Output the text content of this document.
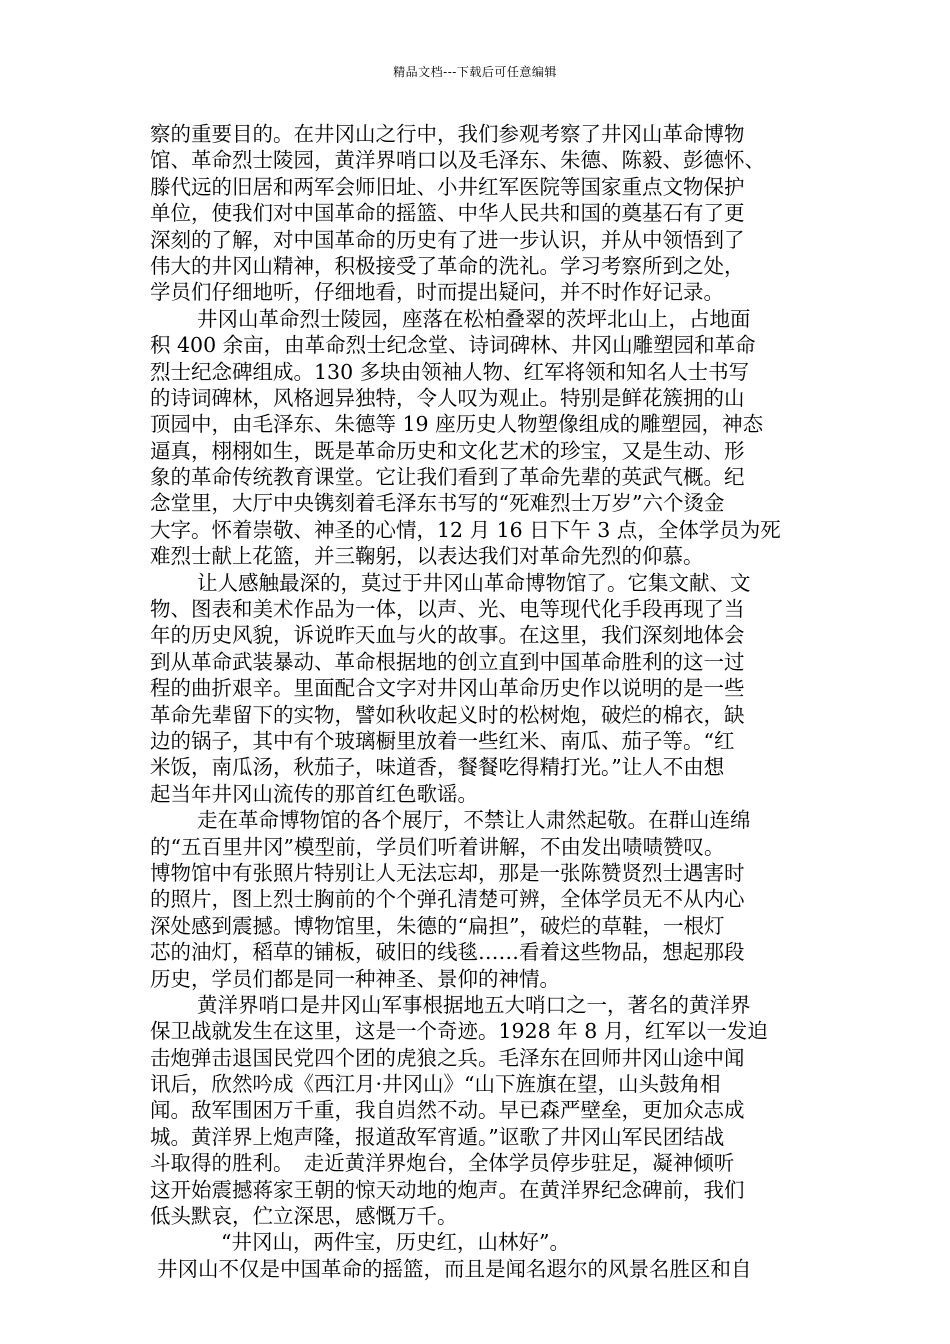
精品文档---下载后可任意编辑
察的重要目的。在井冈山之行中，我们参观考察了井冈山革命博物
馆、革命烈士陵园，黄洋界哨口以及毛泽东、朱德、陈毅、彭德怀、
滕代远的旧居和两军会师旧址、小井红军医院等国家重点文物保护
单位，使我们对中国革命的摇篮、中华人民共和国的奠基石有了更
深刻的了解，对中国革命的历史有了进一步认识，并从中领悟到了
伟大的井冈山精神，积极接受了革命的洗礼。学习考察所到之处，
学员们仔细地听，仔细地看，时而提出疑问，并不时作好记录。
井冈山革命烈士陵园，座落在松柏叠翠的茨坪北山上，占地面
积 400 余亩，由革命烈士纪念堂、诗词碑林、井冈山雕塑园和革命
烈士纪念碑组成。130 多块由领袖人物、红军将领和知名人士书写
的诗词碑林，风格迥异独特，令人叹为观止。特别是鲜花簇拥的山
顶园中，由毛泽东、朱德等 19 座历史人物塑像组成的雕塑园，神态
逼真，栩栩如生，既是革命历史和文化艺术的珍宝，又是生动、形
象的革命传统教育课堂。它让我们看到了革命先辈的英武气概。纪
念堂里，大厅中央镌刻着毛泽东书写的“死难烈士万岁”六个烫金
大字。怀着崇敬、神圣的心情，12 月 16 日下午 3 点，全体学员为死
难烈士献上花篮，并三鞠躬，以表达我们对革命先烈的仰慕。
让人感触最深的，莫过于井冈山革命博物馆了。它集文献、文
物、图表和美术作品为一体，以声、光、电等现代化手段再现了当
年的历史风貌，诉说昨天血与火的故事。在这里，我们深刻地体会
到从革命武装暴动、革命根据地的创立直到中国革命胜利的这一过
程的曲折艰辛。里面配合文字对井冈山革命历史作以说明的是一些
革命先辈留下的实物，譬如秋收起义时的松树炮，破烂的棉衣，缺
边的锅子，其中有个玻璃橱里放着一些红米、南瓜、茄子等。“红
米饭，南瓜汤，秋茄子，味道香，餐餐吃得精打光。”让人不由想
起当年井冈山流传的那首红色歌谣。
走在革命博物馆的各个展厅，不禁让人肃然起敬。在群山连绵
的“五百里井冈”模型前，学员们听着讲解，不由发出啧啧赞叹。
博物馆中有张照片特别让人无法忘却，那是一张陈赞贤烈士遇害时
的照片，图上烈士胸前的个个弹孔清楚可辨，全体学员无不从内心
深处感到震撼。博物馆里，朱德的“扁担”，破烂的草鞋，一根灯
芯的油灯，稻草的铺板，破旧的线毯……看着这些物品，想起那段
历史，学员们都是同一种神圣、景仰的神情。
黄洋界哨口是井冈山军事根据地五大哨口之一，著名的黄洋界
保卫战就发生在这里，这是一个奇迹。1928 年 8 月，红军以一发迫
击炮弹击退国民党四个团的虎狼之兵。毛泽东在回师井冈山途中闻
讯后，欣然吟成《西江月·井冈山》“山下旌旗在望，山头鼓角相
闻。敌军围困万千重，我自岿然不动。早已森严壁垒，更加众志成
城。黄洋界上炮声隆，报道敌军宵遁。”讴歌了井冈山军民团结战
斗取得的胜利。　走近黄洋界炮台，全体学员停步驻足，凝神倾听
这开始震撼蒋家王朝的惊天动地的炮声。在黄洋界纪念碑前，我们
低头默哀，伫立深思，感慨万千。
“井冈山，两件宝，历史红，山林好”。
井冈山不仅是中国革命的摇篮，而且是闻名遐尔的风景名胜区和自
